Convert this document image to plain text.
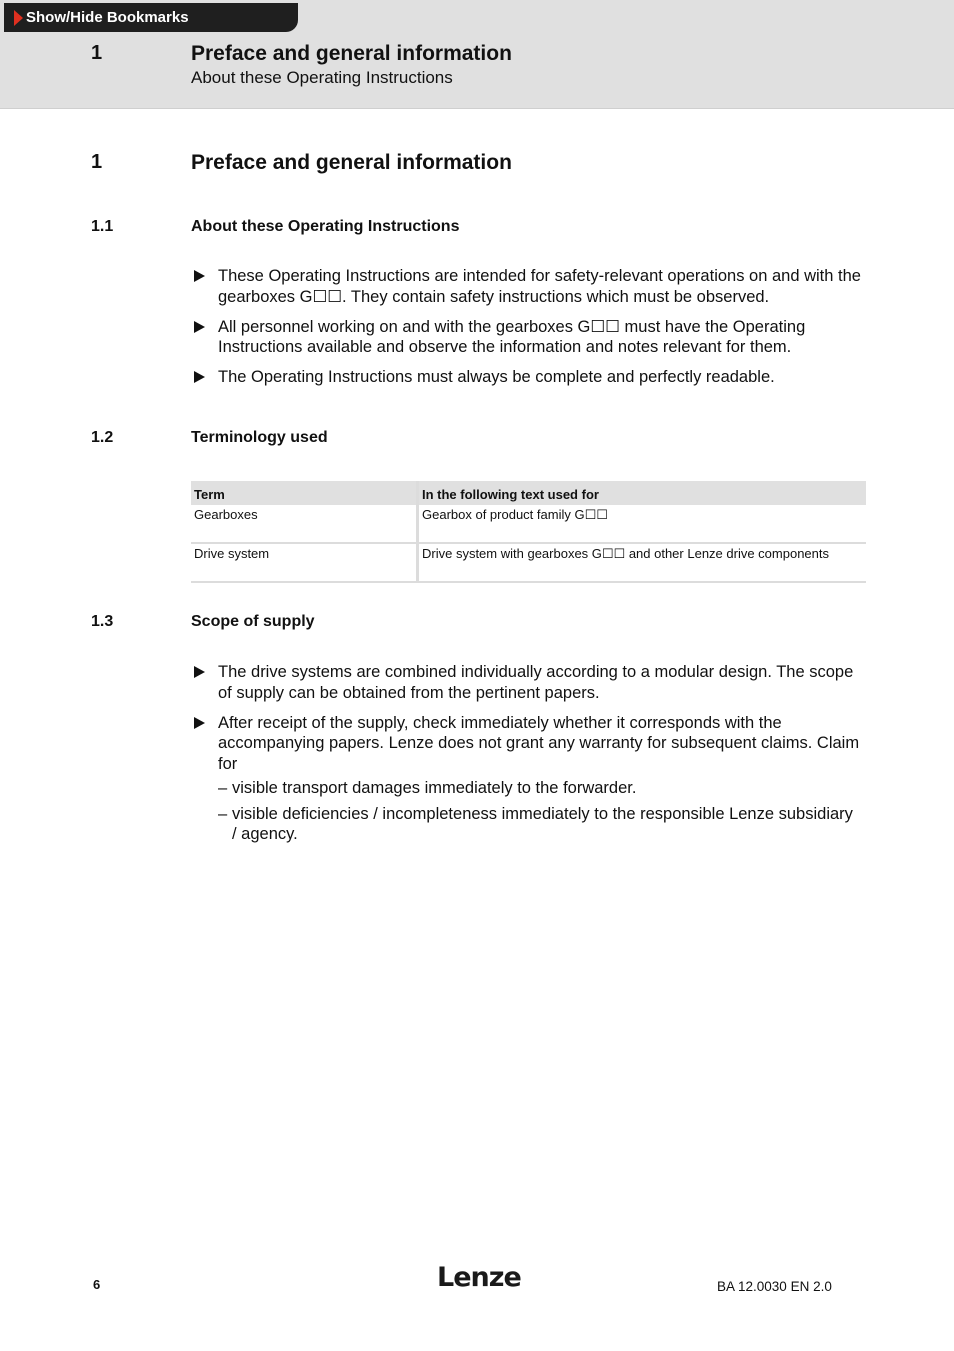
Show/Hide Bookmarks
1	Preface and general information
About these Operating Instructions
1	Preface and general information
1.1	About these Operating Instructions
These Operating Instructions are intended for safety-relevant operations on and with the gearboxes G☐☐. They contain safety instructions which must be observed.
All personnel working on and with the gearboxes G☐☐ must have the Operating Instructions available and observe the information and notes relevant for them.
The Operating Instructions must always be complete and perfectly readable.
1.2	Terminology used
Term	In the following text used for
Gearboxes	Gearbox of product family G☐☐
Drive system	Drive system with gearboxes G☐☐ and other Lenze drive components
1.3	Scope of supply
The drive systems are combined individually according to a modular design. The scope of supply can be obtained from the pertinent papers.
After receipt of the supply, check immediately whether it corresponds with the accompanying papers. Lenze does not grant any warranty for subsequent claims. Claim for
– visible transport damages immediately to the forwarder.
– visible deficiencies / incompleteness immediately to the responsible Lenze subsidiary / agency.
6	Lenze	BA 12.0030 EN 2.0
